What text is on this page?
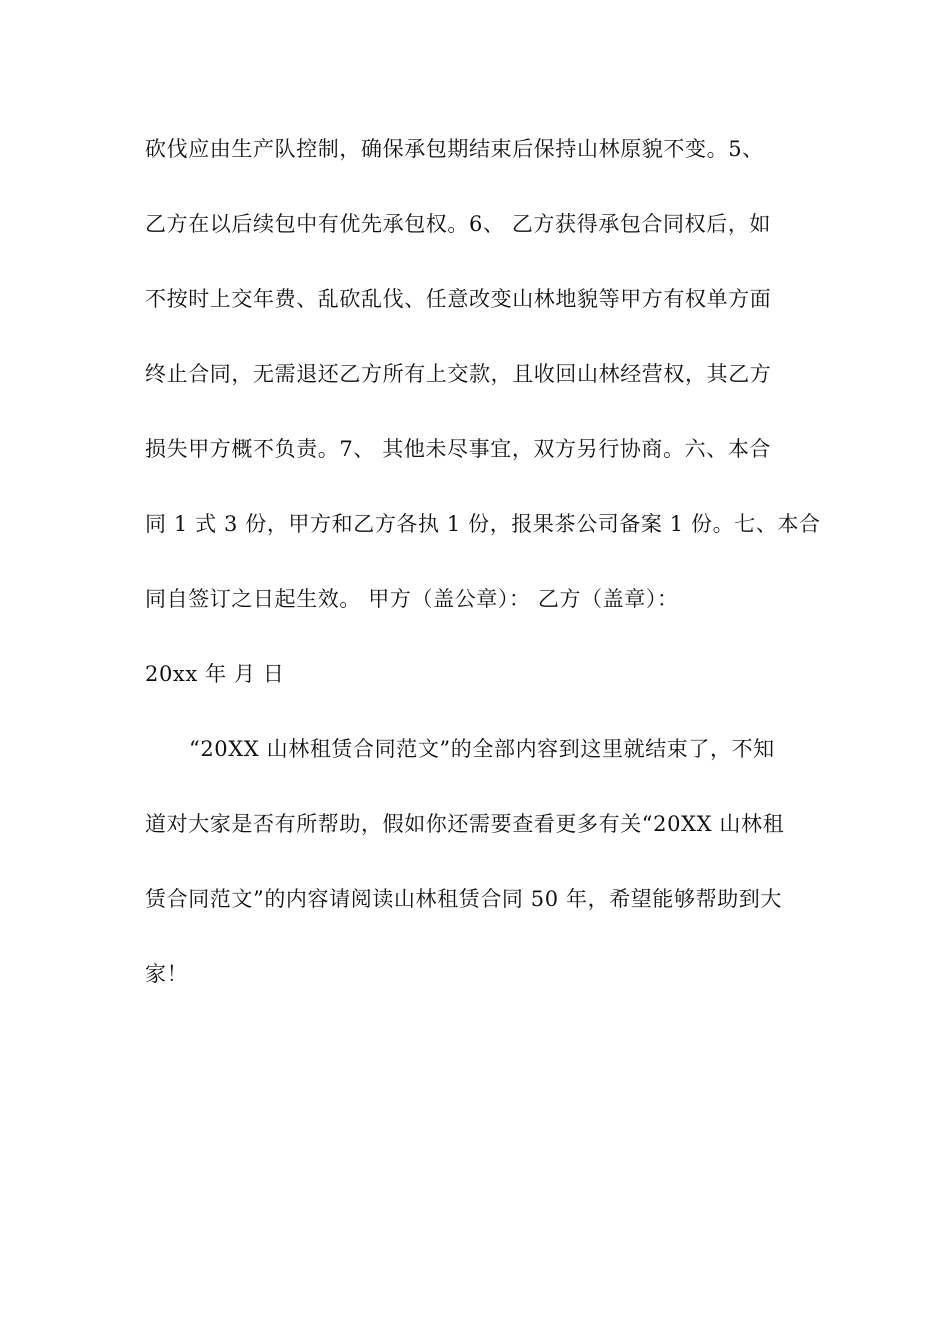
砍伐应由生产队控制，确保承包期结束后保持山林原貌不变。5、
乙方在以后续包中有优先承包权。6、 乙方获得承包合同权后，如
不按时上交年费、乱砍乱伐、任意改变山林地貌等甲方有权单方面
终止合同，无需退还乙方所有上交款，且收回山林经营权，其乙方
损失甲方概不负责。7、 其他未尽事宜，双方另行协商。六、本合
同 1 式 3 份，甲方和乙方各执 1 份，报果茶公司备案 1 份。七、本合
同自签订之日起生效。 甲方（盖公章）： 乙方（盖章）：
20xx 年 月 日
“20XX 山林租赁合同范文”的全部内容到这里就结束了，不知
道对大家是否有所帮助，假如你还需要查看更多有关“20XX 山林租
赁合同范文”的内容请阅读山林租赁合同 50 年，希望能够帮助到大
家！
